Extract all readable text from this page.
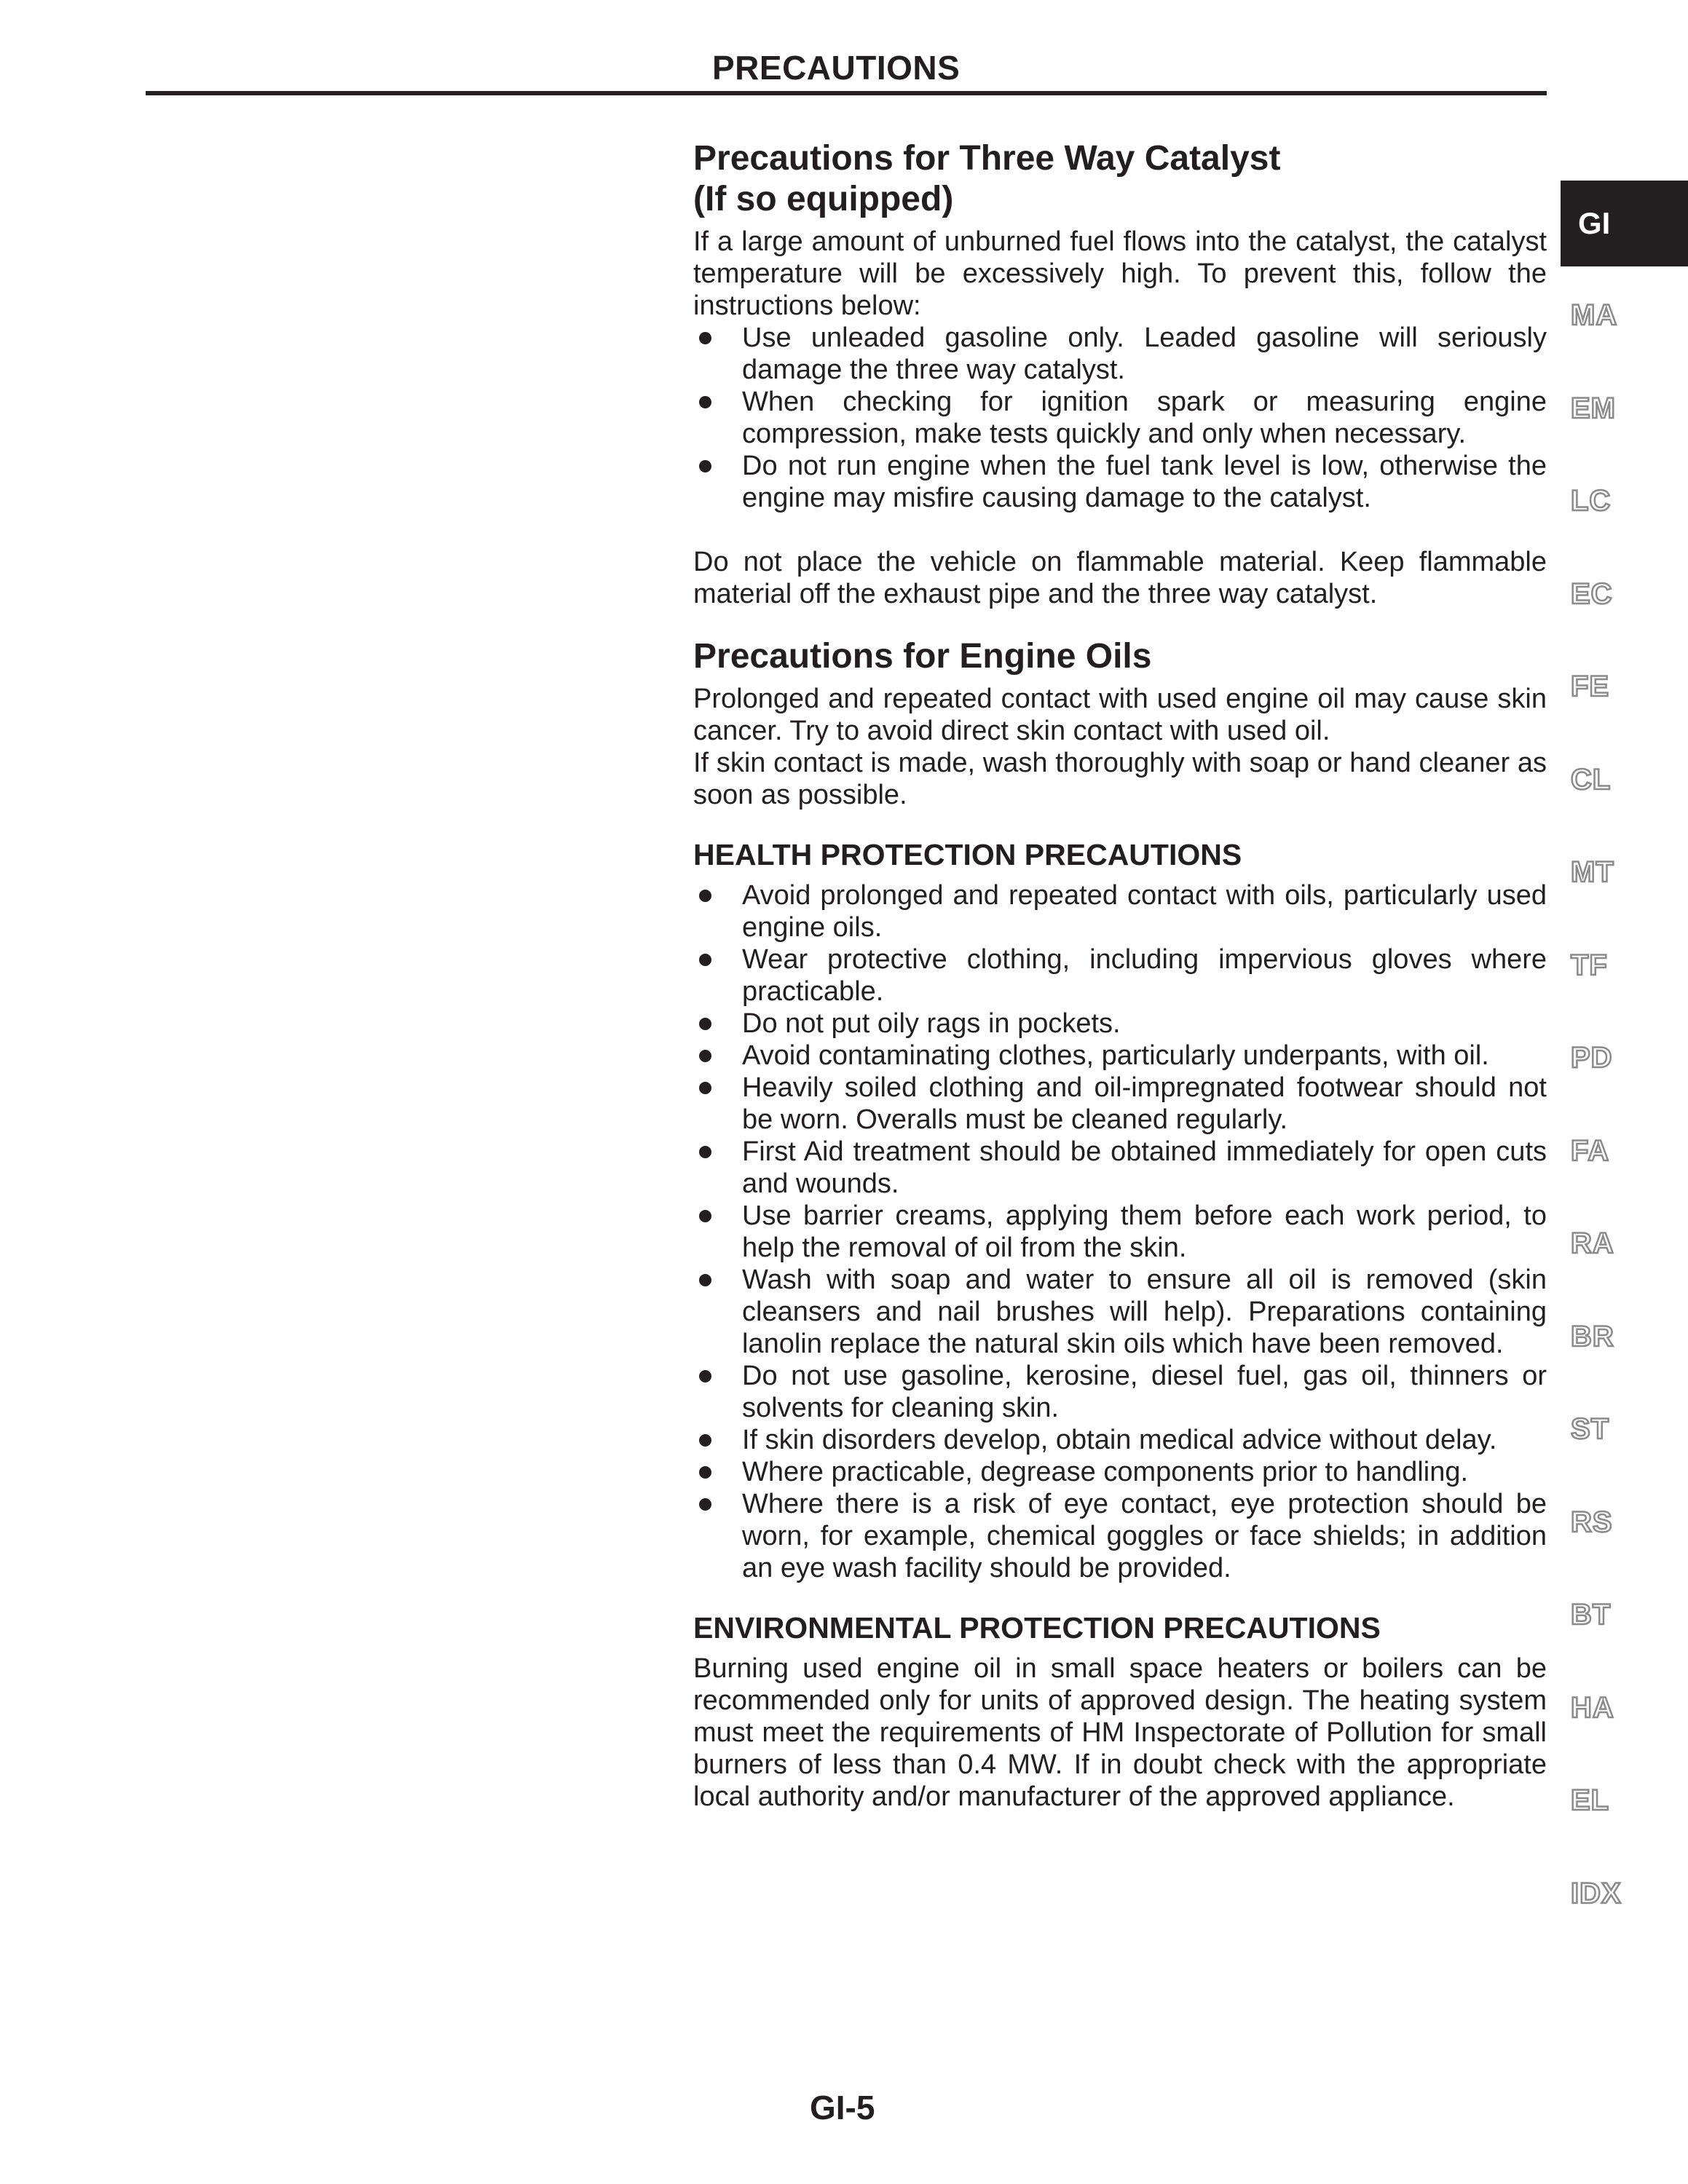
PRECAUTIONS
Precautions for Three Way Catalyst
(If so equipped)

If a large amount of unburned fuel flows into the catalyst, the catalyst temperature will be excessively high. To prevent this, follow the instructions below:

Use unleaded gasoline only. Leaded gasoline will seriously damage the three way catalyst.
When checking for ignition spark or measuring engine compression, make tests quickly and only when necessary.
Do not run engine when the fuel tank level is low, otherwise the engine may misfire causing damage to the catalyst.

Do not place the vehicle on flammable material. Keep flammable material off the exhaust pipe and the three way catalyst.

Precautions for Engine Oils

Prolonged and repeated contact with used engine oil may cause skin cancer. Try to avoid direct skin contact with used oil.

If skin contact is made, wash thoroughly with soap or hand cleaner as soon as possible.

HEALTH PROTECTION PRECAUTIONS
Avoid prolonged and repeated contact with oils, particularly used engine oils.
Wear protective clothing, including impervious gloves where practicable.
Do not put oily rags in pockets.
Avoid contaminating clothes, particularly underpants, with oil.
Heavily soiled clothing and oil-impregnated footwear should not be worn. Overalls must be cleaned regularly.
First Aid treatment should be obtained immediately for open cuts and wounds.
Use barrier creams, applying them before each work period, to help the removal of oil from the skin.
Wash with soap and water to ensure all oil is removed (skin cleansers and nail brushes will help). Preparations containing lanolin replace the natural skin oils which have been removed.
Do not use gasoline, kerosine, diesel fuel, gas oil, thinners or solvents for cleaning skin.
If skin disorders develop, obtain medical advice without delay.
Where practicable, degrease components prior to handling.
Where there is a risk of eye contact, eye protection should be worn, for example, chemical goggles or face shields; in addition an eye wash facility should be provided.
ENVIRONMENTAL PROTECTION PRECAUTIONS

Burning used engine oil in small space heaters or boilers can be recommended only for units of approved design. The heating system must meet the requirements of HM Inspectorate of Pollution for small burners of less than 0.4 MW. If in doubt check with the appropriate local authority and/or manufacturer of the approved appliance.

GI
MA
EM
LC
EC
FE
CL
MT
TF
PD
FA
RA
BR
ST
RS
BT
HA
EL
IDX
GI-5
